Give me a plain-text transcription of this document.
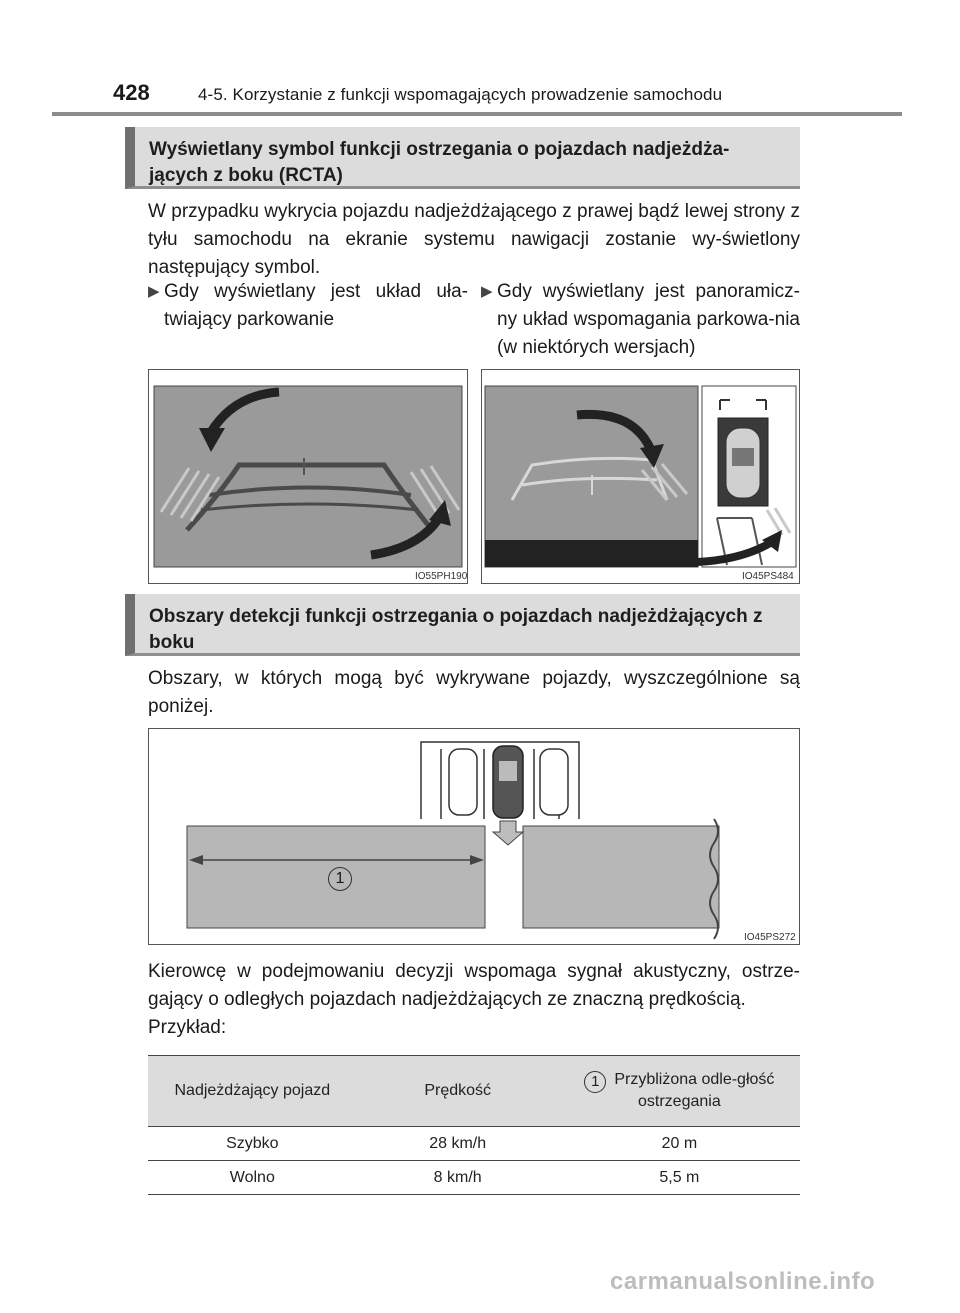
428	4-5. Korzystanie z funkcji wspomagających prowadzenie samochodu
Wyświetlany symbol funkcji ostrzegania o pojazdach nadjeżdża-jących z boku (RCTA)
W przypadku wykrycia pojazdu nadjeżdżającego z prawej bądź lewej strony z tyłu samochodu na ekranie systemu nawigacji zostanie wy-świetlony następujący symbol.
▶ Gdy wyświetlany jest układ uła-twiający parkowanie
▶ Gdy wyświetlany jest panoramicz-ny układ wspomagania parkowa-nia (w niektórych wersjach)
IO55PH190	IO45PS484
Obszary detekcji funkcji ostrzegania o pojazdach nadjeżdżających z boku
Obszary, w których mogą być wykrywane pojazdy, wyszczególnione są poniżej.
1
IO45PS272
Kierowcę w podejmowaniu decyzji wspomaga sygnał akustyczny, ostrze-gający o odległych pojazdach nadjeżdżających ze znaczną prędkością.
Przykład:
Nadjeżdżający pojazd	Prędkość	1 Przybliżona odle-głość ostrzegania
Szybko	28 km/h	20 m
Wolno	8 km/h	5,5 m
carmanualsonline.info
